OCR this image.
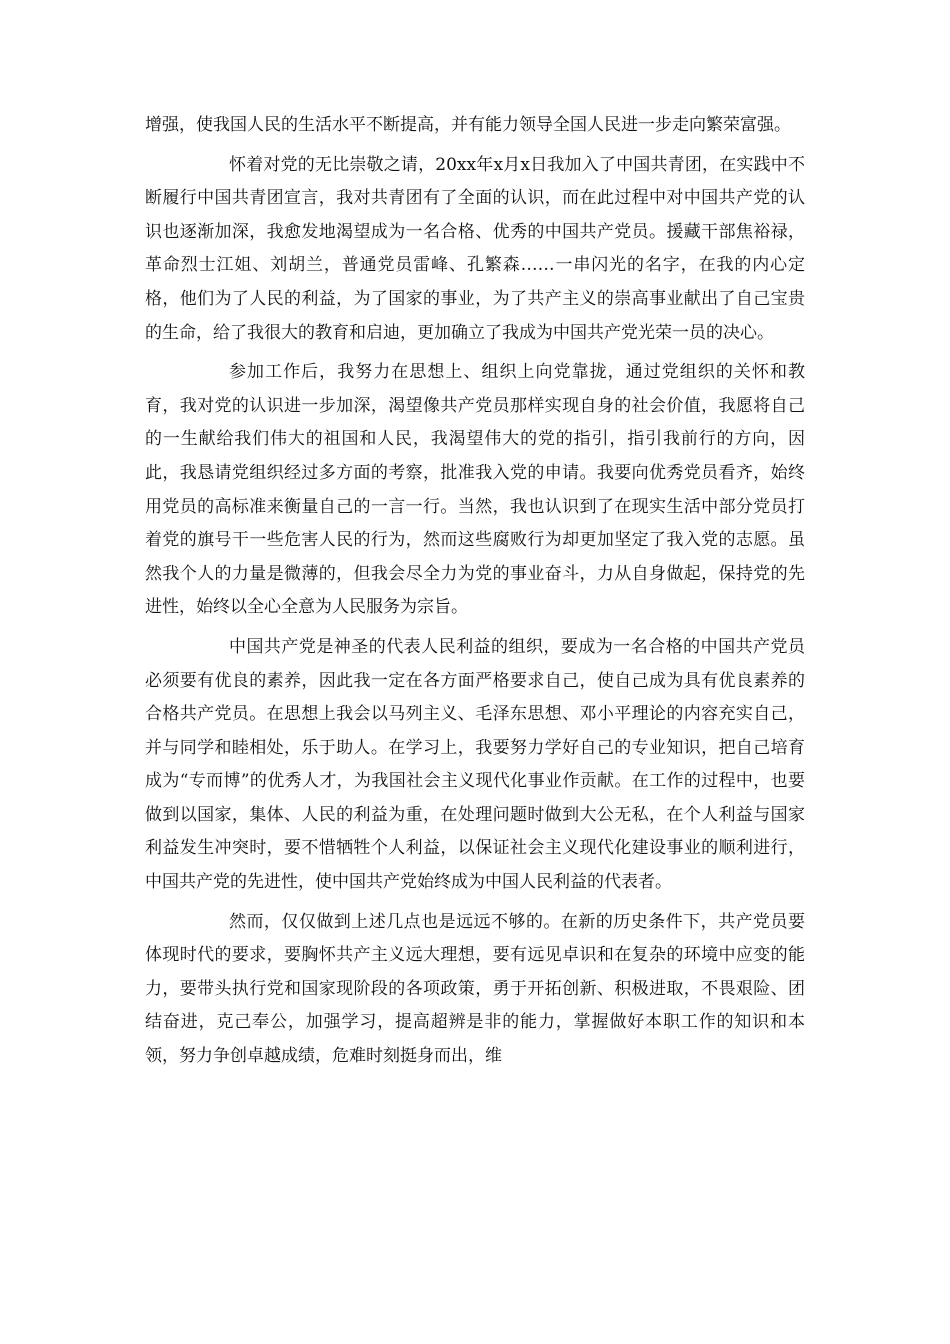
增强，使我国人民的生活水平不断提高，并有能力领导全国人民进一步走向繁荣富强。

怀着对党的无比崇敬之请，20xx年x月x日我加入了中国共青团，在实践中不断履行中国共青团宣言，我对共青团有了全面的认识，而在此过程中对中国共产党的认识也逐渐加深，我愈发地渴望成为一名合格、优秀的中国共产党员。援藏干部焦裕禄，革命烈士江姐、刘胡兰，普通党员雷峰、孔繁森……一串闪光的名字，在我的内心定格，他们为了人民的利益，为了国家的事业，为了共产主义的崇高事业献出了自己宝贵的生命，给了我很大的教育和启迪，更加确立了我成为中国共产党光荣一员的决心。

参加工作后，我努力在思想上、组织上向党靠拢，通过党组织的关怀和教育，我对党的认识进一步加深，渴望像共产党员那样实现自身的社会价值，我愿将自己的一生献给我们伟大的祖国和人民，我渴望伟大的党的指引，指引我前行的方向，因此，我恳请党组织经过多方面的考察，批准我入党的申请。我要向优秀党员看齐，始终用党员的高标准来衡量自己的一言一行。当然，我也认识到了在现实生活中部分党员打着党的旗号干一些危害人民的行为，然而这些腐败行为却更加坚定了我入党的志愿。虽然我个人的力量是微薄的，但我会尽全力为党的事业奋斗，力从自身做起，保持党的先进性，始终以全心全意为人民服务为宗旨。

中国共产党是神圣的代表人民利益的组织，要成为一名合格的中国共产党员必须要有优良的素养，因此我一定在各方面严格要求自己，使自己成为具有优良素养的合格共产党员。在思想上我会以马列主义、毛泽东思想、邓小平理论的内容充实自己，并与同学和睦相处，乐于助人。在学习上，我要努力学好自己的专业知识，把自己培育成为“专而博”的优秀人才，为我国社会主义现代化事业作贡献。在工作的过程中，也要做到以国家，集体、人民的利益为重，在处理问题时做到大公无私，在个人利益与国家利益发生冲突时，要不惜牺牲个人利益，以保证社会主义现代化建设事业的顺利进行，中国共产党的先进性，使中国共产党始终成为中国人民利益的代表者。

然而，仅仅做到上述几点也是远远不够的。在新的历史条件下，共产党员要体现时代的要求，要胸怀共产主义远大理想，要有远见卓识和在复杂的环境中应变的能力，要带头执行党和国家现阶段的各项政策，勇于开拓创新、积极进取，不畏艰险、团结奋进，克己奉公，加强学习，提高超辨是非的能力，掌握做好本职工作的知识和本领，努力争创卓越成绩，危难时刻挺身而出，维
